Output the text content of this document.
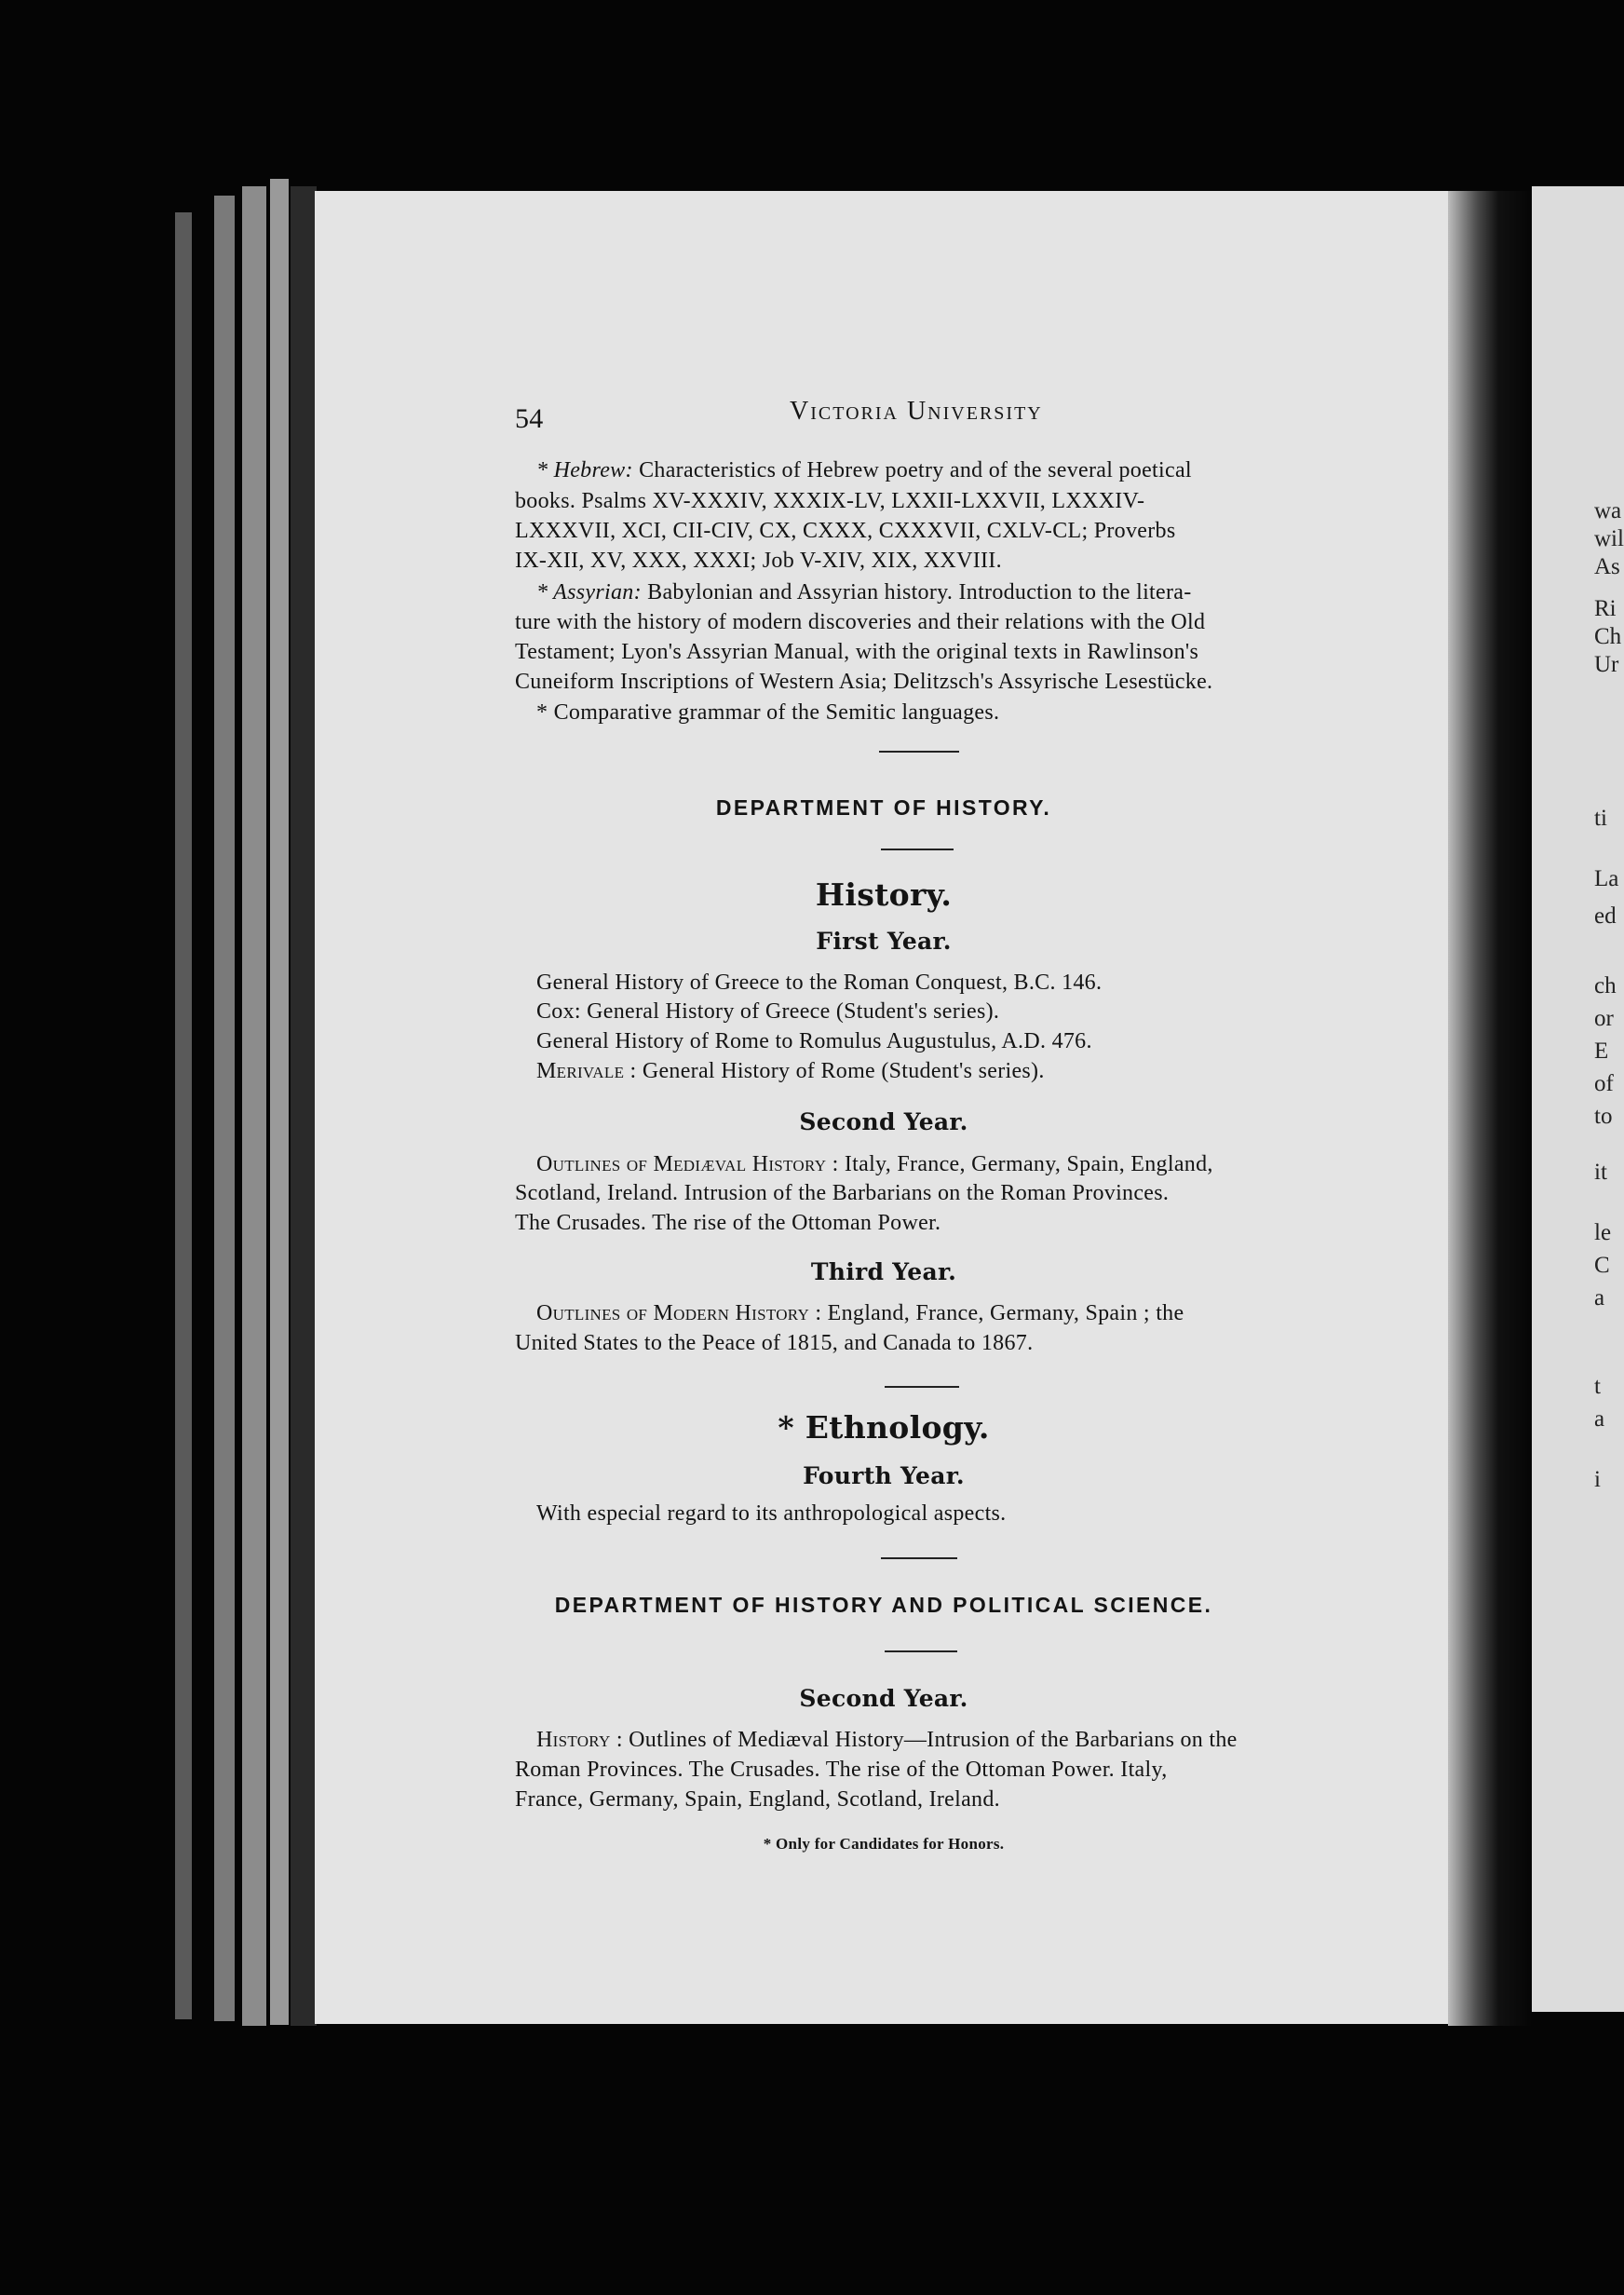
54	Victoria University
* Hebrew: Characteristics of Hebrew poetry and of the several poetical
books. Psalms XV-XXXIV, XXXIX-LV, LXXII-LXXVII, LXXXIV-
LXXXVII, XCI, CII-CIV, CX, CXXX, CXXXVII, CXLV-CL; Proverbs
IX-XII, XV, XXX, XXXI; Job V-XIV, XIX, XXVIII.
* Assyrian: Babylonian and Assyrian history. Introduction to the litera-
ture with the history of modern discoveries and their relations with the Old
Testament; Lyon's Assyrian Manual, with the original texts in Rawlinson's
Cuneiform Inscriptions of Western Asia; Delitzsch's Assyrische Lesestücke.
* Comparative grammar of the Semitic languages.
DEPARTMENT OF HISTORY.
History.
First Year.
General History of Greece to the Roman Conquest, B.C. 146.
Cox: General History of Greece (Student's series).
General History of Rome to Romulus Augustulus, A.D. 476.
Merivale : General History of Rome (Student's series).
Second Year.
Outlines of Mediæval History : Italy, France, Germany, Spain, England,
Scotland, Ireland. Intrusion of the Barbarians on the Roman Provinces.
The Crusades. The rise of the Ottoman Power.
Third Year.
Outlines of Modern History : England, France, Germany, Spain ; the
United States to the Peace of 1815, and Canada to 1867.
* Ethnology.
Fourth Year.
With especial regard to its anthropological aspects.
DEPARTMENT OF HISTORY AND POLITICAL SCIENCE.
Second Year.
History : Outlines of Mediæval History—Intrusion of the Barbarians on the
Roman Provinces. The Crusades. The rise of the Ottoman Power. Italy,
France, Germany, Spain, England, Scotland, Ireland.
* Only for Candidates for Honors.
wa
wil
As
Ri
Ch
Ur
ti
La
ed
ch
or
E
of
to
it
le
C
a
t
a
i
